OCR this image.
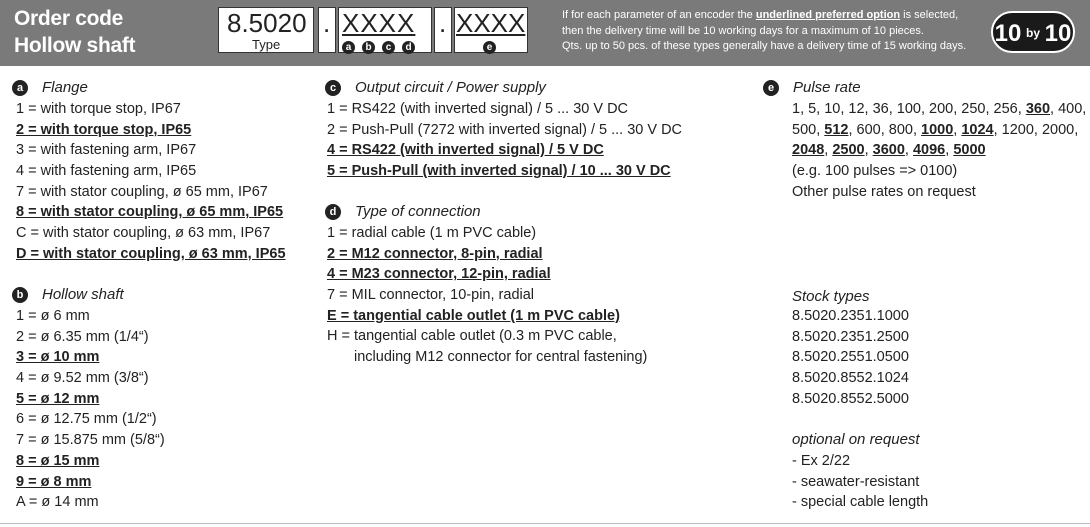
Order code
Hollow shaft
8.5020
Type
. XXXX
a b c d
. XXXX
e
If for each parameter of an encoder the underlined preferred option is selected, then the delivery time will be 10 working days for a maximum of 10 pieces.
Qts. up to 50 pcs. of these types generally have a delivery time of 15 working days.	10 by 10
a Flange
1 = with torque stop, IP67
2 = with torque stop, IP65
3 = with fastening arm, IP67
4 = with fastening arm, IP65
7 = with stator coupling, ø 65 mm, IP67
8 = with stator coupling, ø 65 mm, IP65
C = with stator coupling, ø 63 mm, IP67
D = with stator coupling, ø 63 mm, IP65
b Hollow shaft
1 = ø 6 mm
2 = ø 6.35 mm (1/4“)
3 = ø 10 mm
4 = ø 9.52 mm (3/8“)
5 = ø 12 mm
6 = ø 12.75 mm (1/2“)
7 = ø 15.875 mm (5/8“)
8 = ø 15 mm
9 = ø 8 mm
A = ø 14 mm
c Output circuit / Power supply
1 = RS422 (with inverted signal) / 5 ... 30 V DC
2 = Push-Pull (7272 with inverted signal) / 5 ... 30 V DC
4 = RS422 (with inverted signal) / 5 V DC
5 = Push-Pull (with inverted signal) / 10 ... 30 V DC
d Type of connection
1 = radial cable (1 m PVC cable)
2 = M12 connector, 8-pin, radial
4 = M23 connector, 12-pin, radial
7 = MIL connector, 10-pin, radial
E = tangential cable outlet (1 m PVC cable)
H = tangential cable outlet (0.3 m PVC cable,
including M12 connector for central fastening)
e Pulse rate
1, 5, 10, 12, 36, 100, 200, 250, 256, 360, 400,
500, 512, 600, 800, 1000, 1024, 1200, 2000,
2048, 2500, 3600, 4096, 5000
(e.g. 100 pulses => 0100)
Other pulse rates on request
Stock types
8.5020.2351.1000
8.5020.2351.2500
8.5020.2551.0500
8.5020.8552.1024
8.5020.8552.5000
optional on request
- Ex 2/22
- seawater-resistant
- special cable length
